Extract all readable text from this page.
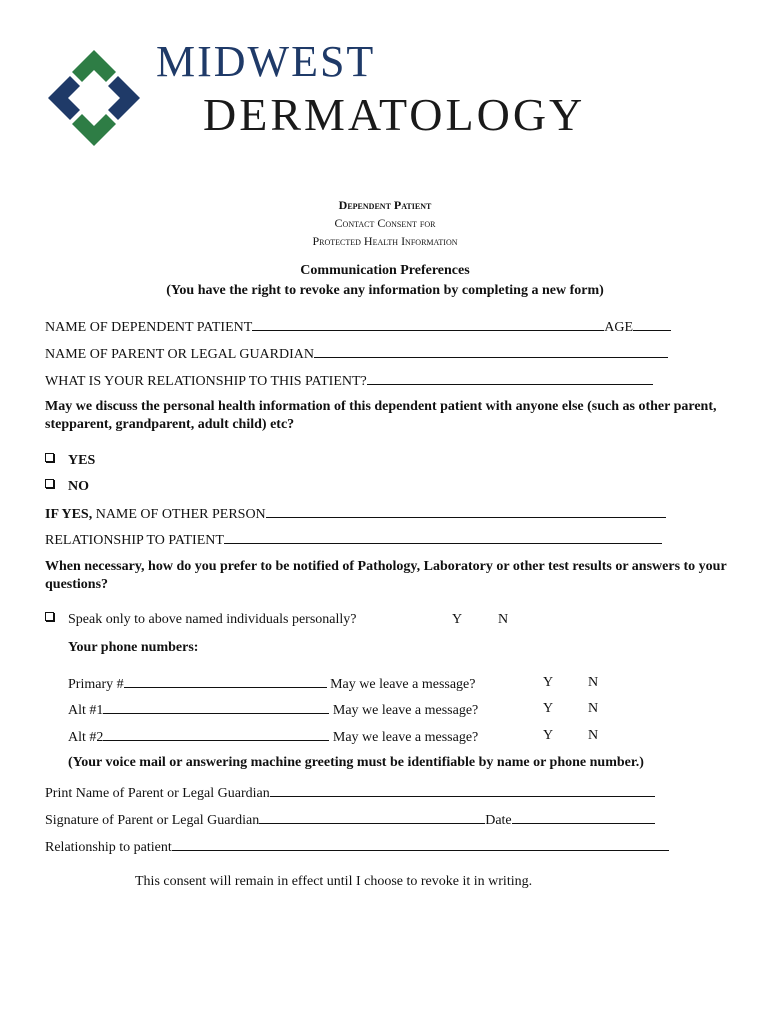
MIDWEST
DERMATOLOGY
Dependent Patient
Contact Consent for
Protected Health Information
Communication Preferences
(You have the right to revoke any information by completing a new form)
NAME OF DEPENDENT PATIENT	AGE
NAME OF PARENT OR LEGAL GUARDIAN
WHAT IS YOUR RELATIONSHIP TO THIS PATIENT?
May we discuss the personal health information of this dependent patient with anyone else (such as other parent, stepparent, grandparent, adult child) etc?
YES
NO
IF YES, NAME OF OTHER PERSON
RELATIONSHIP TO PATIENT
When necessary, how do you prefer to be notified of Pathology, Laboratory or other test results or answers to your questions?
Speak only to above named individuals personally?	Y	N
Your phone numbers:
Primary #	May we leave a message?	Y N
Alt #1	May we leave a message?	Y N
Alt #2	May we leave a message?	Y N
(Your voice mail or answering machine greeting must be identifiable by name or phone number.)
Print Name of Parent or Legal Guardian
Signature of Parent or Legal Guardian	Date
Relationship to patient
This consent will remain in effect until I choose to revoke it in writing.
